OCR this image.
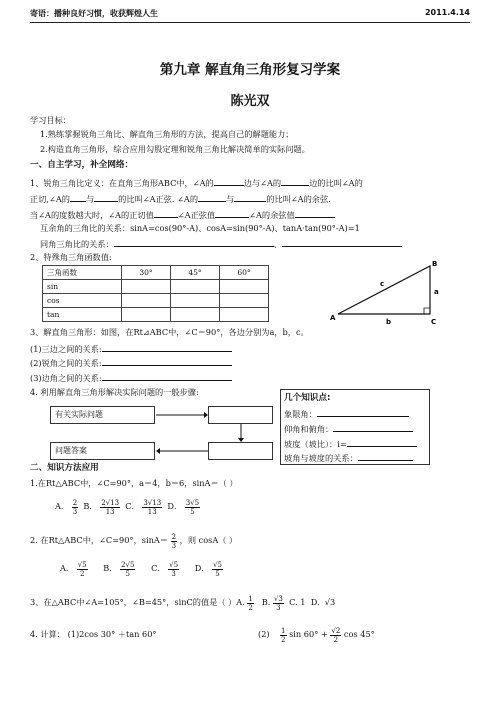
寄语：播种良好习惯，收获辉煌人生	2011.4.14
第九章 解直角三角形复习学案
陈光双
学习目标：
1.熟练掌握锐角三角比、解直角三角形的方法，提高自己的解题能力；
2.构造直角三角形，综合应用勾股定理和锐角三角比解决简单的实际问题。
一、自主学习，补全网络：
1、锐角三角比定义：在直角三角形ABC中，∠A的	边与∠A的	边的比叫∠A的
正切,∠A的 与	的比叫∠A正弦. ∠A的	与	的比叫∠A的余弦.
当∠A的度数越大时，∠A的正切值	∠A正弦值	∠A的余弦值
互余角的三角比的关系：sinA=cos(90°-A)、cosA=sin(90°-A)、tanA·tan(90°-A)=1
同角三角比的关系：	、
2、特殊角三角函数值:
三角函数	30°	45°	60°
sin			
cos			
tan			
B
A	C
a
b
c
3、解直角三角形：如图，在Rt⊿ABC中，∠C＝90°，各边分别为a，b，c。
(1)三边之间的关系:
(2)锐角之间的关系:
(3)边角之间的关系:
4. 利用解直角三角形解决实际问题的一般步骤:
有关实际问题
问题答案
几个知识点:
象限角：
仰角和俯角：
坡度（坡比）：i=
坡角与坡度的关系：
二、知识方法应用
1.在Rt△ABC中，∠C=90°，a＝4，b＝6，sinA＝（ ）
A． $\frac{2}{3}$ B． $\frac{2√13}{13}$ C． $\frac{3√13}{13}$ D． $\frac{3√5}{5}$
2. 在Rt△ABC中，∠C=90°，$\sin A= \frac{2}{3}$ ，则 cosA（ ）
A． $\frac{√5}{2}$ B． $\frac{2√5}{5}$ C． $\frac{√5}{3}$ D． $\frac{√5}{5}$
3、在△ABC中∠A=105°，∠B=45°，sinC的值是（ ）A. $\frac{1}{2} B$. $\frac{√3}{3} C$. 1 D. √3
4. 计算： (1)2cos 30° ＋tan 60°	$(2) \frac{1}{2}$ $\sin 60^\circ + \frac{√2}{2}$ cos 45°
